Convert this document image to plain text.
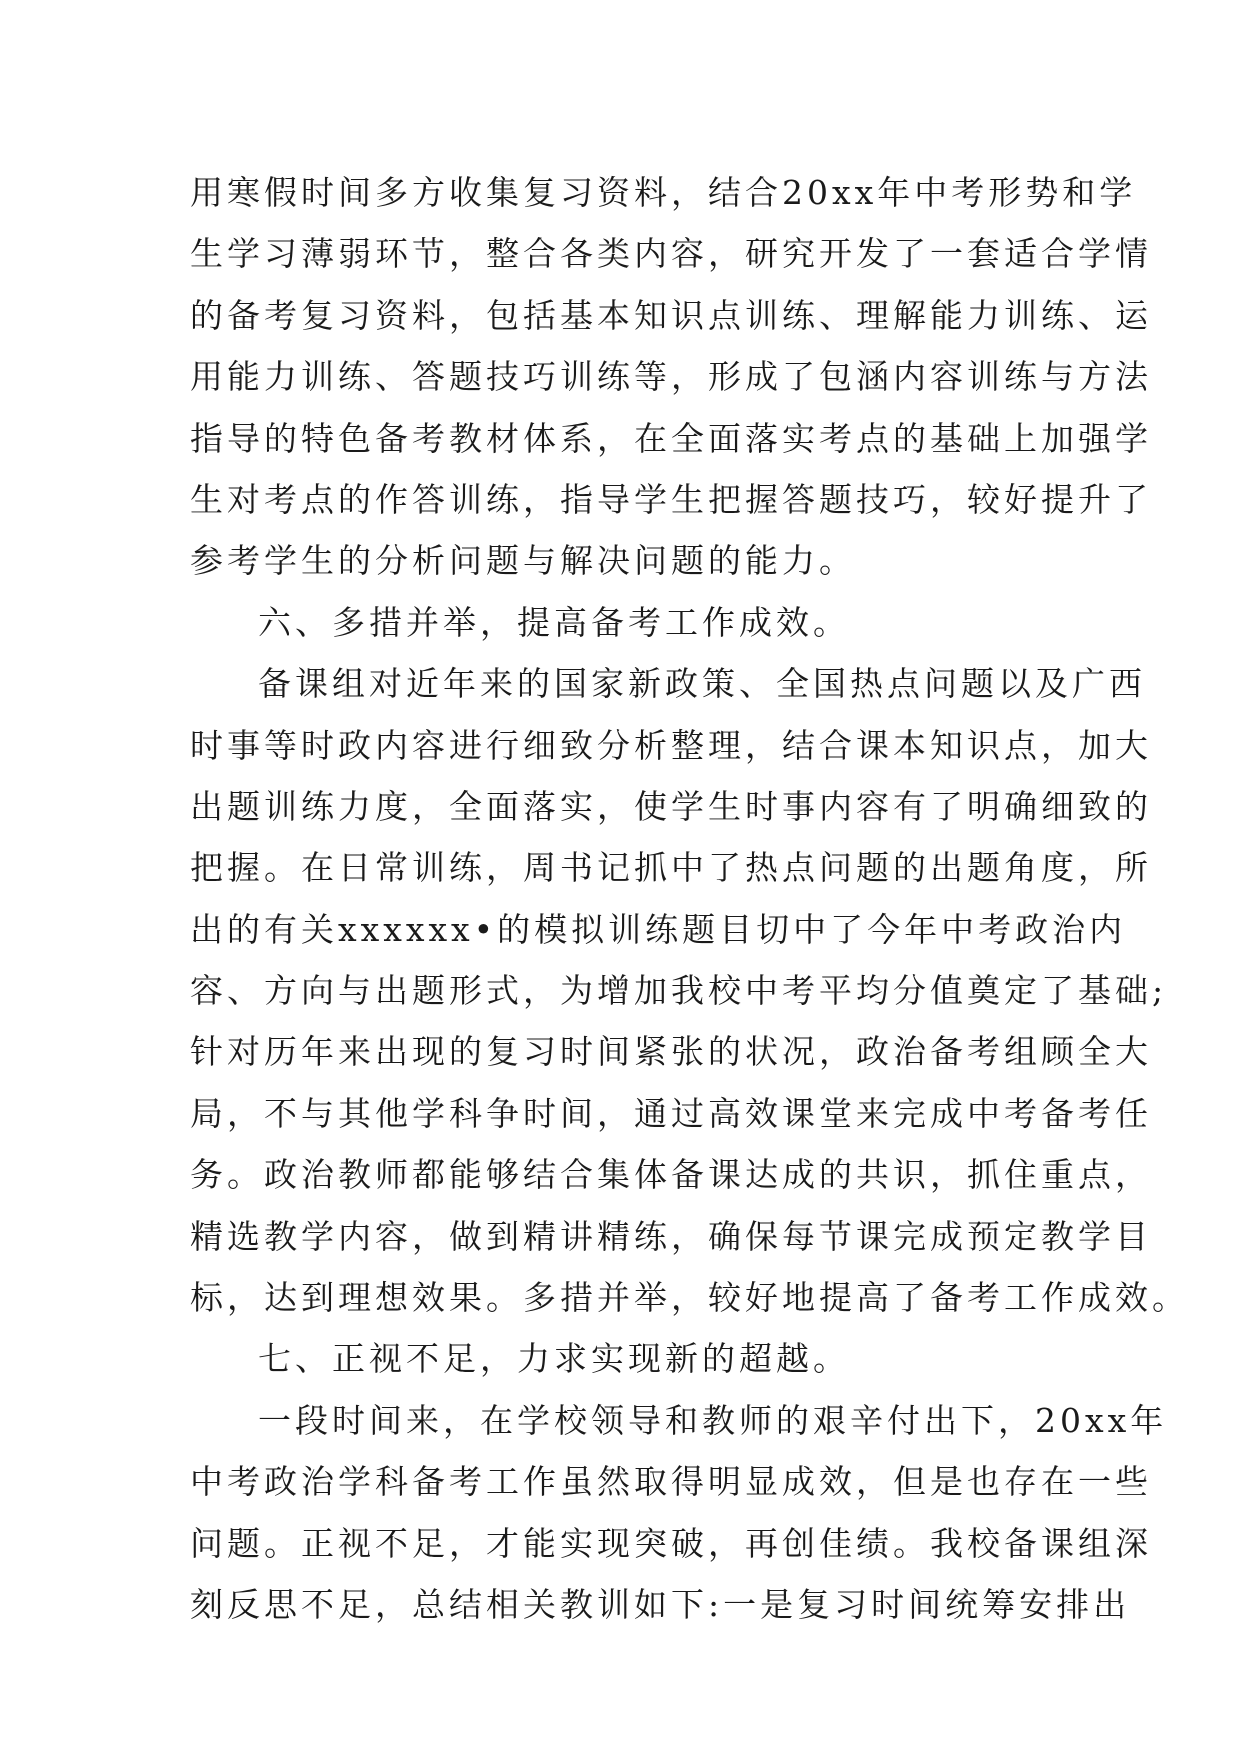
用寒假时间多方收集复习资料，结合20xx年中考形势和学
生学习薄弱环节，整合各类内容，研究开发了一套适合学情
的备考复习资料，包括基本知识点训练、理解能力训练、运
用能力训练、答题技巧训练等，形成了包涵内容训练与方法
指导的特色备考教材体系，在全面落实考点的基础上加强学
生对考点的作答训练，指导学生把握答题技巧，较好提升了
参考学生的分析问题与解决问题的能力。
六、多措并举，提高备考工作成效。
备课组对近年来的国家新政策、全国热点问题以及广西
时事等时政内容进行细致分析整理，结合课本知识点，加大
出题训练力度，全面落实，使学生时事内容有了明确细致的
把握。在日常训练，周书记抓中了热点问题的出题角度，所
出的有关xxxxxx•的模拟训练题目切中了今年中考政治内
容、方向与出题形式，为增加我校中考平均分值奠定了基础;
针对历年来出现的复习时间紧张的状况，政治备考组顾全大
局，不与其他学科争时间，通过高效课堂来完成中考备考任
务。政治教师都能够结合集体备课达成的共识，抓住重点，
精选教学内容，做到精讲精练，确保每节课完成预定教学目
标，达到理想效果。多措并举，较好地提高了备考工作成效。
七、正视不足，力求实现新的超越。
一段时间来，在学校领导和教师的艰辛付出下，20xx年
中考政治学科备考工作虽然取得明显成效，但是也存在一些
问题。正视不足，才能实现突破，再创佳绩。我校备课组深
刻反思不足，总结相关教训如下:一是复习时间统筹安排出
